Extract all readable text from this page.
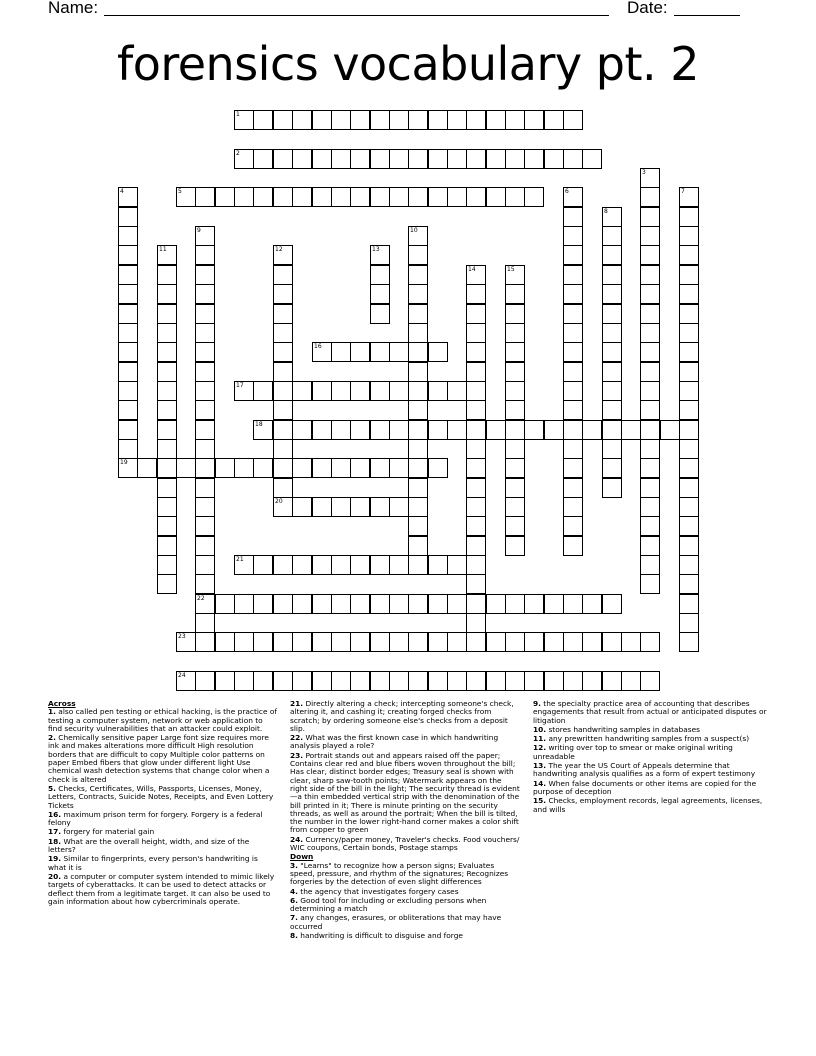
Name:	Date:
forensics vocabulary pt. 2
1
2
3
4	5	6	7
8
9
22
10
11	12
20
13
14	15
16
17
18
19
21
23
24

Across

1. also called pen testing or ethical hacking, is the practice of testing a computer system, network or web application to find security vulnerabilities that an attacker could exploit.

2. Chemically sensitive paper Large font size requires more ink and makes alterations more difficult High resolution borders that are difficult to copy Multiple color patterns on paper Embed fibers that glow under different light Use chemical wash detection systems that change color when a check is altered

5. Checks, Certificates, Wills, Passports, Licenses, Money, Letters, Contracts, Suicide Notes, Receipts, and Even Lottery Tickets

16. maximum prison term for forgery. Forgery is a federal felony

17. forgery for material gain

18. What are the overall height, width, and size of the letters?

19. Similar to fingerprints, every person's handwriting is what it is

20. a computer or computer system intended to mimic likely targets of cyberattacks. It can be used to detect attacks or deflect them from a legitimate target. It can also be used to gain information about how cybercriminals operate.

21. Directly altering a check; intercepting someone's check, altering it, and cashing it; creating forged checks from scratch; by ordering someone else's checks from a deposit slip.

22. What was the first known case in which handwriting analysis played a role?

23. Portrait stands out and appears raised off the paper; Contains clear red and blue fibers woven throughout the bill; Has clear, distinct border edges; Treasury seal is shown with clear, sharp saw-tooth points; Watermark appears on the right side of the bill in the light; The security thread is evident—a thin embedded vertical strip with the denomination of the bill printed in it; There is minute printing on the security threads, as well as around the portrait; When the bill is tilted, the number in the lower right-hand corner makes a color shift from copper to green

24. Currency/paper money, Traveler's checks. Food vouchers/ WIC coupons, Certain bonds, Postage stamps

Down

3. "Learns" to recognize how a person signs; Evaluates speed, pressure, and rhythm of the signatures; Recognizes forgeries by the detection of even slight differences

4. the agency that investigates forgery cases

6. Good tool for including or excluding persons when determining a match

7. any changes, erasures, or obliterations that may have occurred

8. handwriting is difficult to disguise and forge

9. the specialty practice area of accounting that describes engagements that result from actual or anticipated disputes or litigation

10. stores handwriting samples in databases

11. any prewritten handwriting samples from a suspect(s)

12. writing over top to smear or make original writing unreadable

13. The year the US Court of Appeals determine that handwriting analysis qualifies as a form of expert testimony

14. When false documents or other items are copied for the purpose of deception

15. Checks, employment records, legal agreements, licenses, and wills
